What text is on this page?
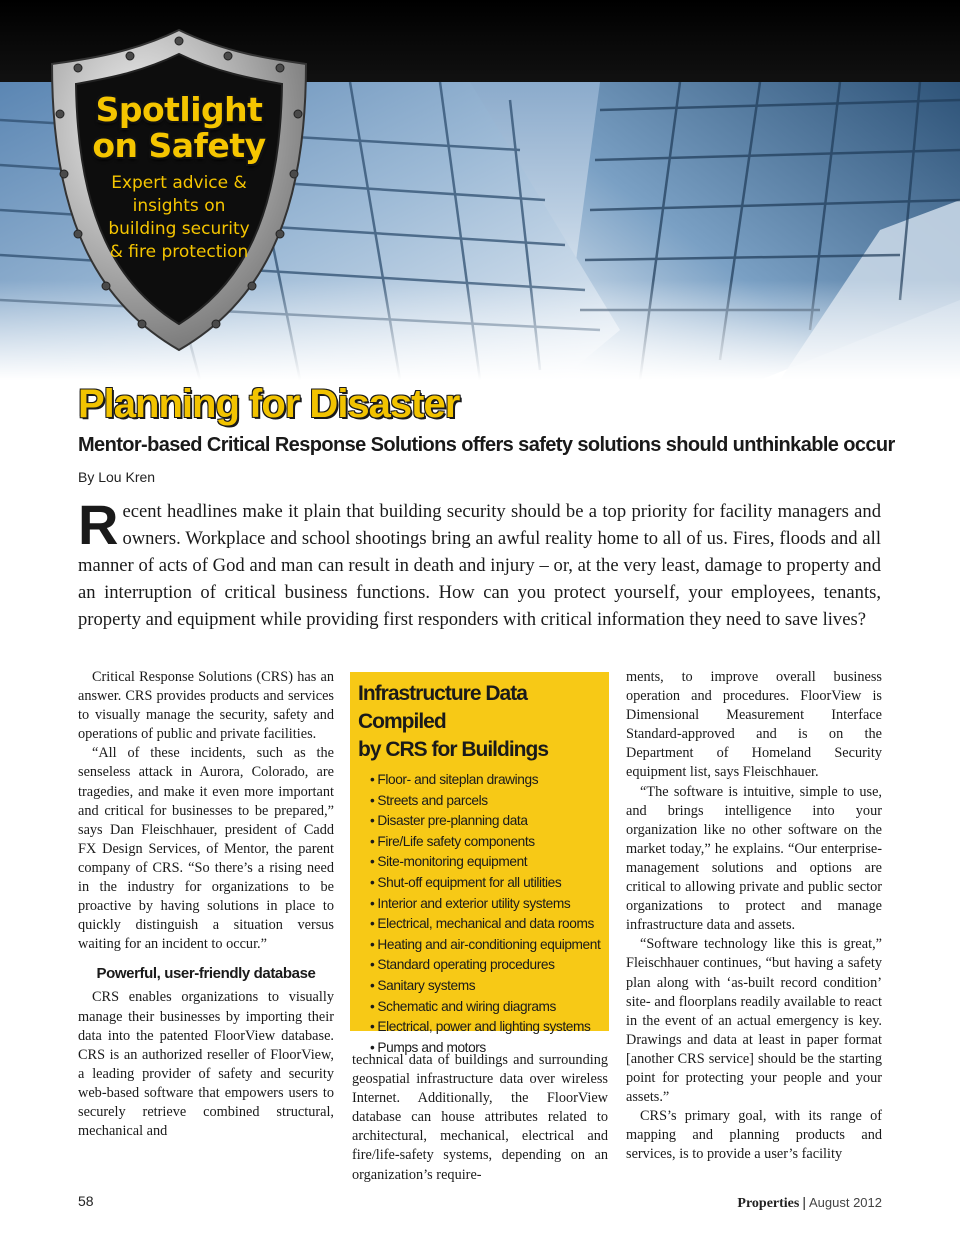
Spotlight
on Safety
Expert advice &
insights on
building security
& fire protection
Planning for Disaster
Mentor-based Critical Response Solutions offers safety solutions should unthinkable occur
By Lou Kren
Recent headlines make it plain that building security should be a top priority for facility managers and owners. Workplace and school shootings bring an awful reality home to all of us. Fires, floods and all manner of acts of God and man can result in death and injury – or, at the very least, damage to property and an interruption of critical business functions. How can you protect yourself, your employees, tenants, property and equipment while providing first responders with critical information they need to save lives?

Critical Response Solutions (CRS) has an answer. CRS provides products and services to visually manage the security, safety and operations of public and private facilities.

“All of these incidents, such as the senseless attack in Aurora, Colorado, are tragedies, and make it even more important and critical for businesses to be prepared,” says Dan Fleischhauer, president of Cadd FX Design Services, of Mentor, the parent company of CRS. “So there’s a rising need in the industry for organizations to be proactive by having solutions in place to quickly distinguish a situation versus waiting for an incident to occur.”

Powerful, user-friendly database

CRS enables organizations to visually manage their businesses by importing their data into the patented FloorView database. CRS is an authorized reseller of FloorView, a leading provider of safety and security web-based software that empowers users to securely retrieve combined structural, mechanical and

Infrastructure Data Compiled
by CRS for Buildings
• Floor- and siteplan drawings
• Streets and parcels
• Disaster pre-planning data
• Fire/Life safety components
• Site-monitoring equipment
• Shut-off equipment for all utilities
• Interior and exterior utility systems
• Electrical, mechanical and data rooms
• Heating and air-conditioning equipment
• Standard operating procedures
• Sanitary systems
• Schematic and wiring diagrams
• Electrical, power and lighting systems
• Pumps and motors

technical data of buildings and surrounding geospatial infrastructure data over wireless Internet. Additionally, the FloorView database can house attributes related to architectural, mechanical, electrical and fire/life-safety systems, depending on an organization’s require-

ments, to improve overall business operation and procedures. FloorView is Dimensional Measurement Interface Standard-approved and is on the Department of Homeland Security equipment list, says Fleischhauer.

“The software is intuitive, simple to use, and brings intelligence into your organization like no other software on the market today,” he explains. “Our enterprise-management solutions and options are critical to allowing private and public sector organizations to protect and manage infrastructure data and assets.

“Software technology like this is great,” Fleischhauer continues, “but having a safety plan along with ‘as-built record condition’ site- and floorplans readily available to react in the event of an actual emergency is key. Drawings and data at least in paper format [another CRS service] should be the starting point for protecting your people and your assets.”

CRS’s primary goal, with its range of mapping and planning products and services, is to provide a user’s facility

58	Properties | August 2012
